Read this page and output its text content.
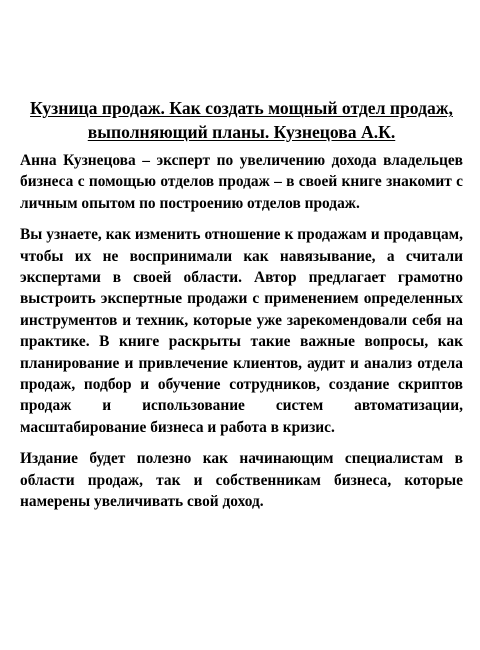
Кузница продаж. Как создать мощный отдел продаж, выполняющий планы. Кузнецова А.К.

Анна Кузнецова – эксперт по увеличению дохода владельцев бизнеса с помощью отделов продаж – в своей книге знакомит с личным опытом по построению отделов продаж.

Вы узнаете, как изменить отношение к продажам и продавцам, чтобы их не воспринимали как навязывание, а считали экспертами в своей области. Автор предлагает грамотно выстроить экспертные продажи с применением определенных инструментов и техник, которые уже зарекомендовали себя на практике. В книге раскрыты такие важные вопросы, как планирование и привлечение клиентов, аудит и анализ отдела продаж, подбор и обучение сотрудников, создание скриптов продаж и использование систем автоматизации, масштабирование бизнеса и работа в кризис.

Издание будет полезно как начинающим специалистам в области продаж, так и собственникам бизнеса, которые намерены увеличивать свой доход.
